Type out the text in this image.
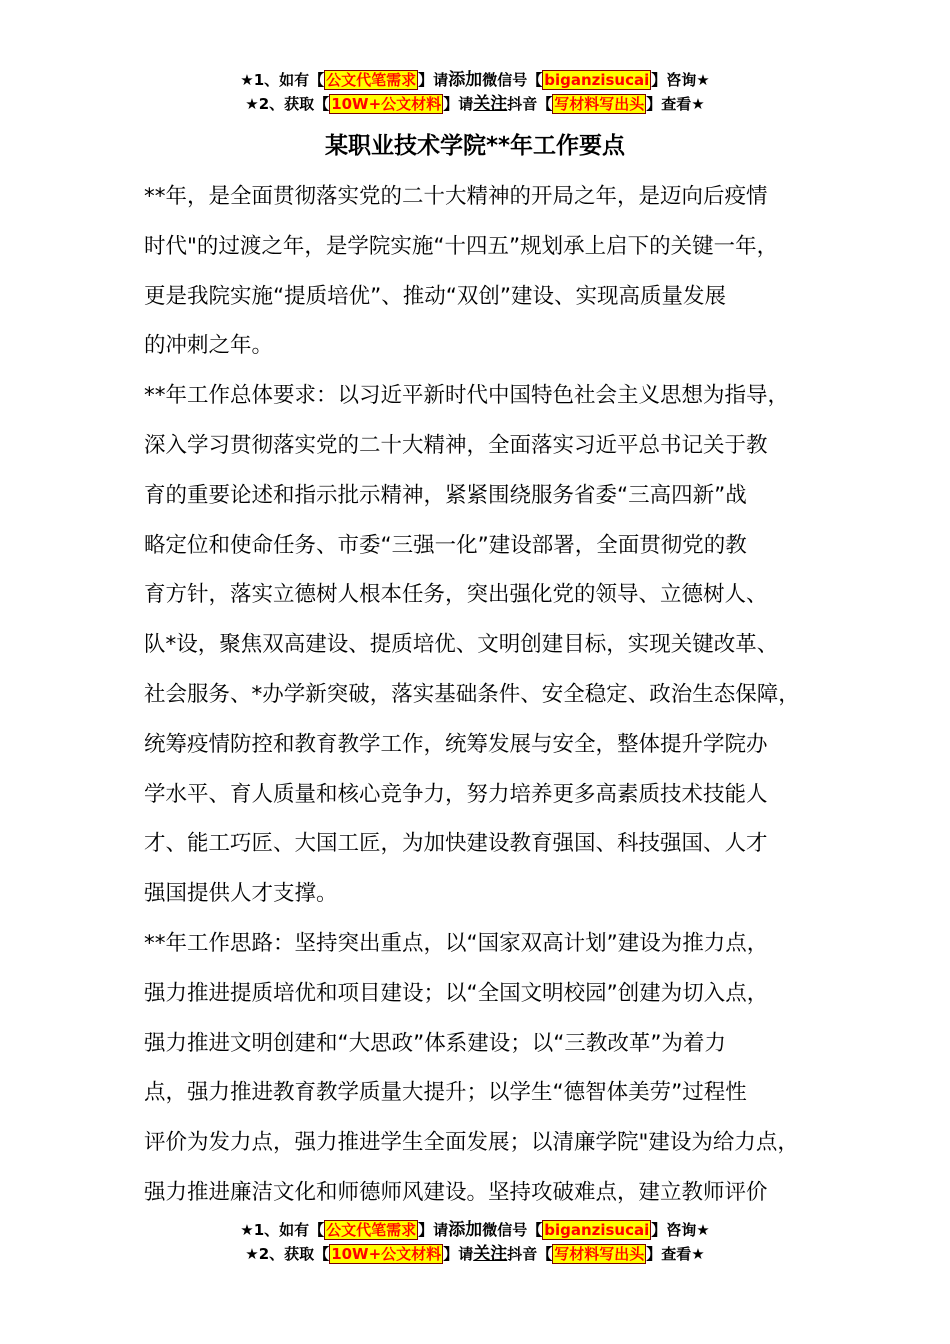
★1、如有【 公文代笔需求 】请添加微信号【 biganzisucai 】咨询★
★2、获取【 10W+公文材料 】请关注抖音【 写材料写出头 】查看★
某职业技术学院**年工作要点

**年，是全面贯彻落实党的二十大精神的开局之年，是迈向后疫情
时代"的过渡之年，是学院实施“十四五”规划承上启下的关键一年，
更是我院实施“提质培优”、推动“双创”建设、实现高质量发展
的冲刺之年。

**年工作总体要求：以习近平新时代中国特色社会主义思想为指导，
深入学习贯彻落实党的二十大精神，全面落实习近平总书记关于教
育的重要论述和指示批示精神，紧紧围绕服务省委“三高四新”战
略定位和使命任务、市委“三强一化”建设部署，全面贯彻党的教
育方针，落实立德树人根本任务，突出强化党的领导、立德树人、
队*设，聚焦双高建设、提质培优、文明创建目标，实现关键改革、
社会服务、*办学新突破，落实基础条件、安全稳定、政治生态保障，
统筹疫情防控和教育教学工作，统筹发展与安全，整体提升学院办
学水平、育人质量和核心竞争力，努力培养更多高素质技术技能人
才、能工巧匠、大国工匠，为加快建设教育强国、科技强国、人才
强国提供人才支撑。

**年工作思路：坚持突出重点，以“国家双高计划”建设为推力点，
强力推进提质培优和项目建设；以“全国文明校园”创建为切入点，
强力推进文明创建和“大思政”体系建设；以“三教改革”为着力
点，强力推进教育教学质量大提升；以学生“德智体美劳”过程性
评价为发力点，强力推进学生全面发展；以清廉学院"建设为给力点，
强力推进廉洁文化和师德师风建设。坚持攻破难点，建立教师评价

★1、如有【 公文代笔需求 】请添加微信号【 biganzisucai 】咨询★
★2、获取【 10W+公文材料 】请关注抖音【 写材料写出头 】查看★
